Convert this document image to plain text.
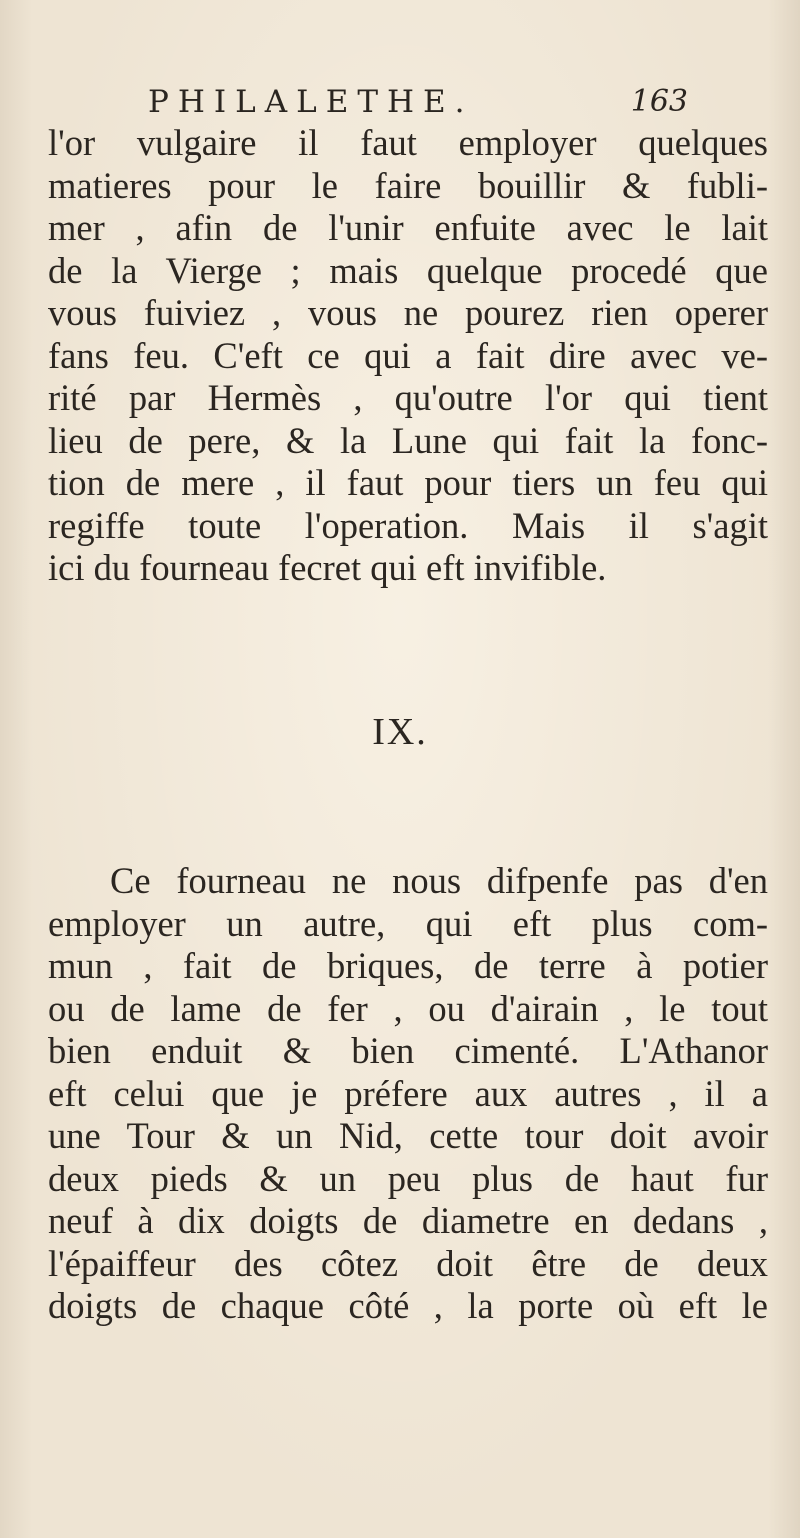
PHILALETHE.	163
l'or vulgaire il faut employer quelques
matieres pour le faire bouillir & fubli-
mer , afin de l'unir enfuite avec le lait
de la Vierge ; mais quelque procedé que
vous fuiviez , vous ne pourez rien operer
fans feu. C'eft ce qui a fait dire avec ve-
rité par Hermès , qu'outre l'or qui tient
lieu de pere, & la Lune qui fait la fonc-
tion de mere , il faut pour tiers un feu qui
regiffe toute l'operation. Mais il s'agit
ici du fourneau fecret qui eft invifible.
IX.
Ce fourneau ne nous difpenfe pas d'en
employer un autre, qui eft plus com-
mun , fait de briques, de terre à potier
ou de lame de fer , ou d'airain , le tout
bien enduit & bien cimenté. L'Athanor
eft celui que je préfere aux autres , il a
une Tour & un Nid, cette tour doit avoir
deux pieds & un peu plus de haut fur
neuf à dix doigts de diametre en dedans ,
l'épaiffeur des côtez doit être de deux
doigts de chaque côté , la porte où eft le
